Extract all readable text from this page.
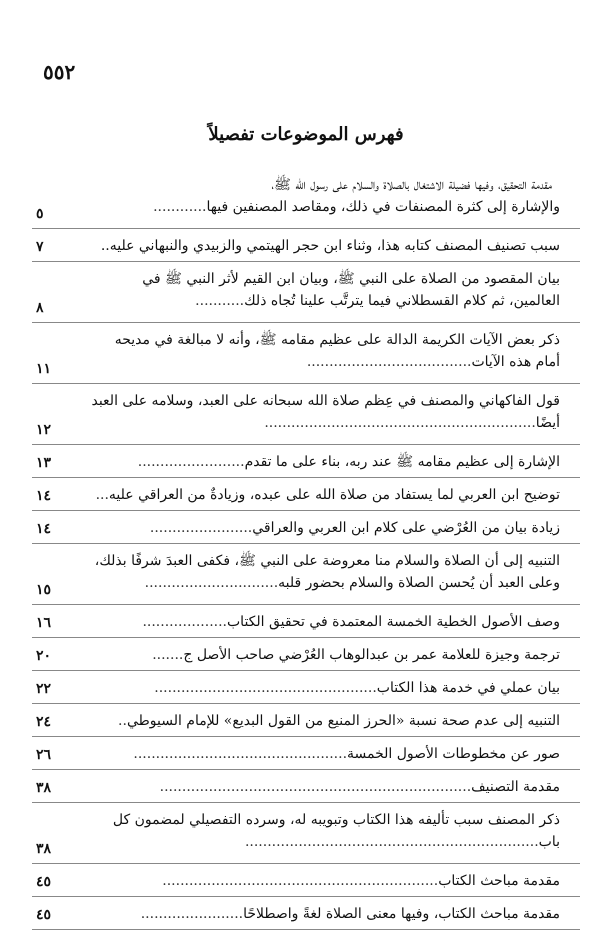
٥٥٢
فهرس الموضوعات تفصيلاً
مقدمة التحقيق، وفيها فضيلة الاشتغال بالصلاة والسلام على رسول الله ﷺ،
والإشارة إلى كثرة المصنفات في ذلك، ومقاصد المصنفين فيها............
٥
سبب تصنيف المصنف كتابه هذا، وثناء ابن حجر الهيتمي والزبيدي والنبهاني عليه..
٧
بيان المقصود من الصلاة على النبي ﷺ، وبيان ابن القيم لأثر النبي ﷺ في
العالمين، ثم كلام القسطلاني فيما يترتَّب علينا تُجاه ذلك...........
٨
ذكر بعض الآيات الكريمة الدالة على عظيم مقامه ﷺ، وأنه لا مبالغة في مديحه
أمام هذه الآيات.....................................
١١
قول الفاكهاني والمصنف في عِظم صلاة الله سبحانه على العبد، وسلامه على العبد
أيضًا.............................................................
١٢
الإشارة إلى عظيم مقامه ﷺ عند ربه، بناء على ما تقدم........................
١٣
توضيح ابن العربي لما يستفاد من صلاة الله على عبده، وزيادةٌ من العراقي عليه...
١٤
زيادة بيان من العُرْضي على كلام ابن العربي والعراقي.......................
١٤
التنبيه إلى أن الصلاة والسلام منا معروضة على النبي ﷺ، فكفى العبدَ شرفًا بذلك،
وعلى العبد أن يُحسن الصلاة والسلام بحضور قلبه..............................
١٥
وصف الأصول الخطية الخمسة المعتمدة في تحقيق الكتاب...................
١٦
ترجمة وجيزة للعلامة عمر بن عبدالوهاب العُرْضي صاحب الأصل ج.......
٢٠
بيان عملي في خدمة هذا الكتاب..................................................
٢٢
التنبيه إلى عدم صحة نسبة «الحرز المنيع من القول البديع» للإمام السيوطي..
٢٤
صور عن مخطوطات الأصول الخمسة................................................
٢٦
مقدمة التصنيف......................................................................
٣٨
ذكر المصنف سبب تأليفه هذا الكتاب وتبويبه له، وسرده التفصيلي لمضمون كل
باب..................................................................
٣٨
مقدمة مباحث الكتاب..............................................................
٤٥
مقدمة مباحث الكتاب، وفيها معنى الصلاة لغةً واصطلاحًا.......................
٤٥
